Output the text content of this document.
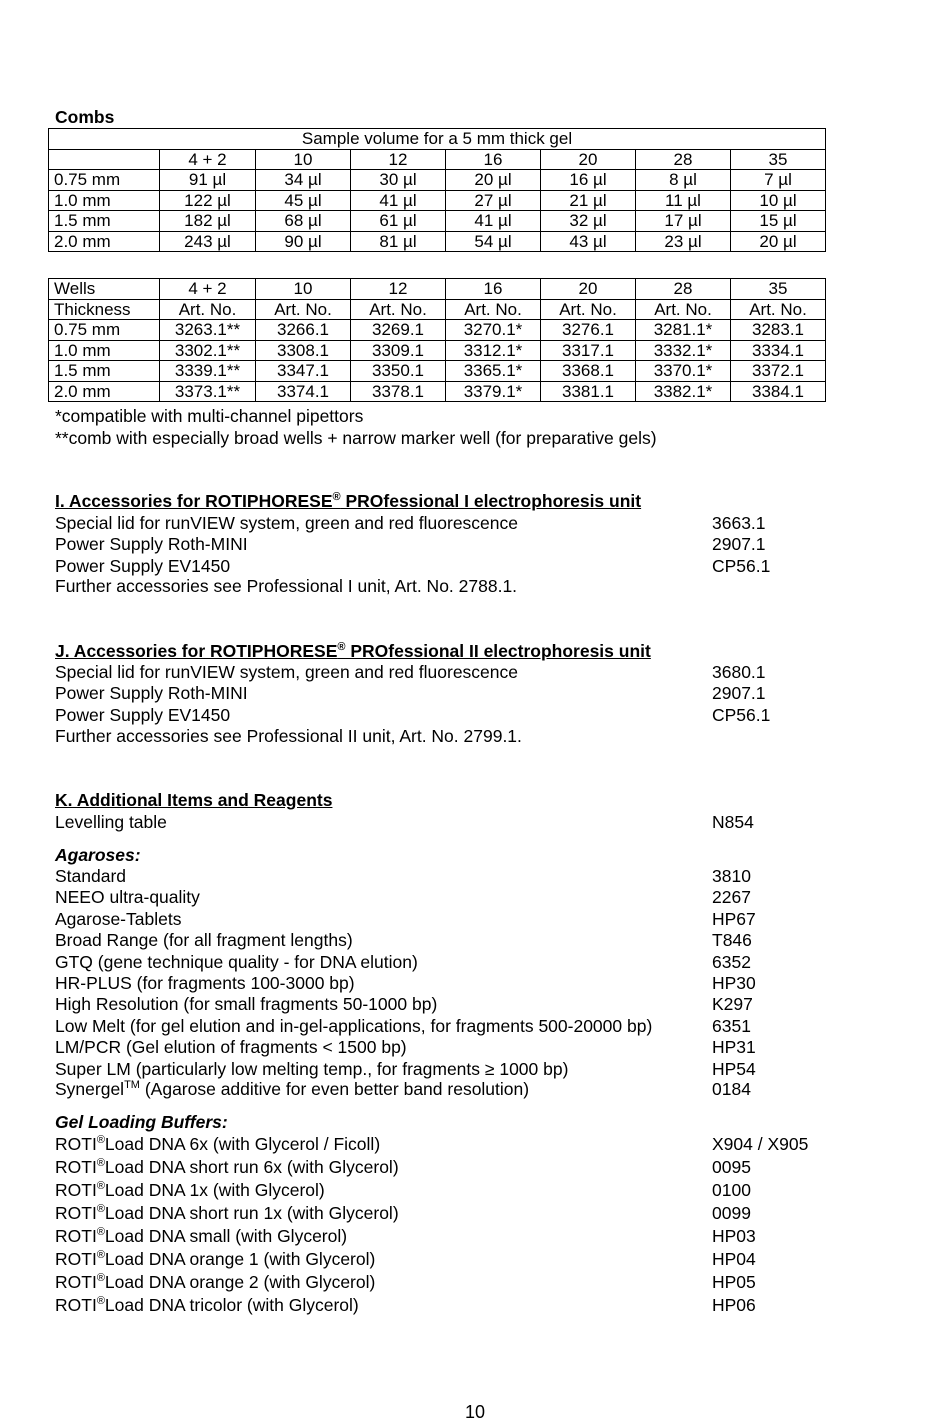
Combs
Sample volume for a 5 mm thick gel							
	4 + 2	10	12	16	20	28	35
0.75 mm	91 µl	34 µl	30 µl	20 µl	16 µl	8 µl	7 µl
1.0 mm	122 µl	45 µl	41 µl	27 µl	21 µl	11 µl	10 µl
1.5 mm	182 µl	68 µl	61 µl	41 µl	32 µl	17 µl	15 µl
2.0 mm	243 µl	90 µl	81 µl	54 µl	43 µl	23 µl	20 µl
Wells	4 + 2	10	12	16	20	28	35
Thickness	Art. No.	Art. No.	Art. No.	Art. No.	Art. No.	Art. No.	Art. No.
0.75 mm	3263.1**	3266.1	3269.1	3270.1*	3276.1	3281.1*	3283.1
1.0 mm	3302.1**	3308.1	3309.1	3312.1*	3317.1	3332.1*	3334.1
1.5 mm	3339.1**	3347.1	3350.1	3365.1*	3368.1	3370.1*	3372.1
2.0 mm	3373.1**	3374.1	3378.1	3379.1*	3381.1	3382.1*	3384.1
*compatible with multi-channel pipettors
**comb with especially broad wells + narrow marker well (for preparative gels)
I. Accessories for ROTIPHORESE® PROfessional I electrophoresis unit
Special lid for runVIEW system, green and red fluorescence	3663.1
Power Supply Roth-MINI	2907.1
Power Supply EV1450	CP56.1
Further accessories see Professional I unit, Art. No. 2788.1.
J. Accessories for ROTIPHORESE® PROfessional II electrophoresis unit
Special lid for runVIEW system, green and red fluorescence	3680.1
Power Supply Roth-MINI	2907.1
Power Supply EV1450	CP56.1
Further accessories see Professional II unit, Art. No. 2799.1.
K. Additional Items and Reagents
Levelling table	N854
Agaroses:
Standard	3810
NEEO ultra-quality	2267
Agarose-Tablets	HP67
Broad Range (for all fragment lengths)	T846
GTQ (gene technique quality - for DNA elution)	6352
HR-PLUS (for fragments 100-3000 bp)	HP30
High Resolution (for small fragments 50-1000 bp)	K297
Low Melt (for gel elution and in-gel-applications, for fragments 500-20000 bp)	6351
LM/PCR (Gel elution of fragments < 1500 bp)	HP31
Super LM (particularly low melting temp., for fragments ≥ 1000 bp)	HP54
Synergel™ (Agarose additive for even better band resolution)	0184
Gel Loading Buffers:
ROTI®Load DNA 6x (with Glycerol / Ficoll)	X904 / X905
ROTI®Load DNA short run 6x (with Glycerol)	0095
ROTI®Load DNA 1x (with Glycerol)	0100
ROTI®Load DNA short run 1x (with Glycerol)	0099
ROTI®Load DNA small (with Glycerol)	HP03
ROTI®Load DNA orange 1 (with Glycerol)	HP04
ROTI®Load DNA orange 2 (with Glycerol)	HP05
ROTI®Load DNA tricolor (with Glycerol)	HP06
10
